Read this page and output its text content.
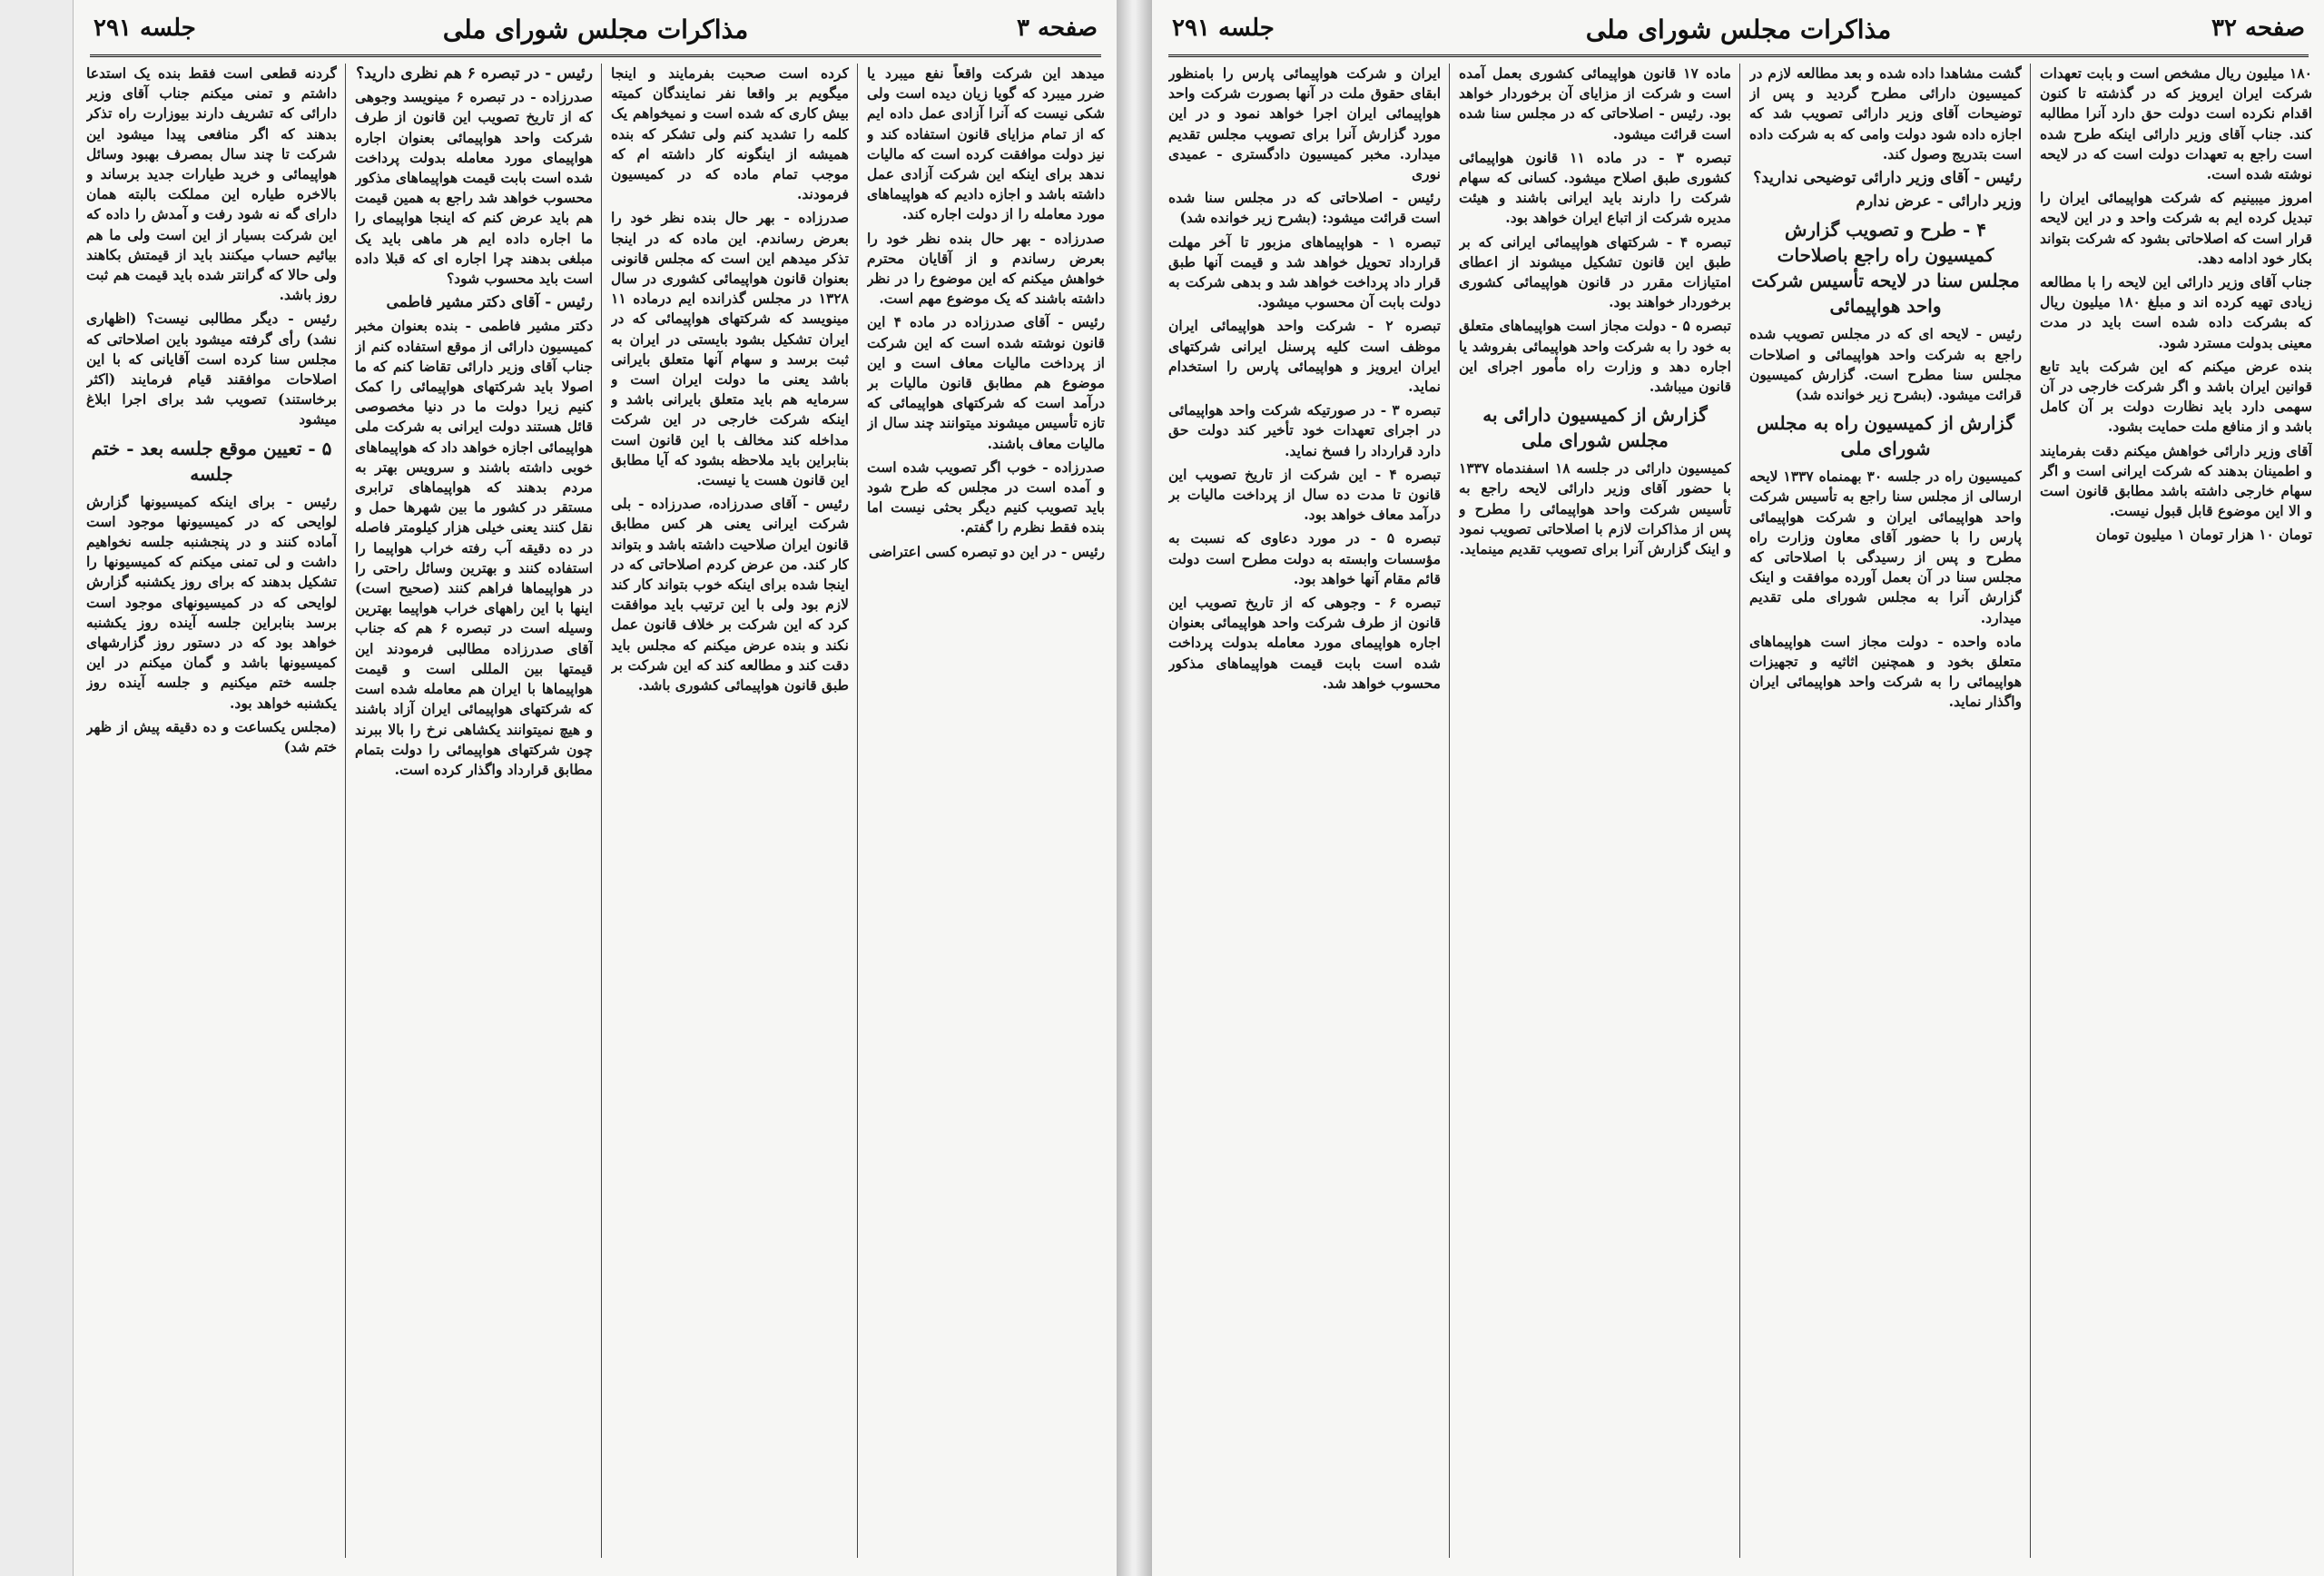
صفحه ۳
مذاکرات مجلس شورای ملی
جلسه ۲۹۱

میدهد این شرکت واقعاً نفع میبرد یا ضرر میبرد که گویا زیان دیده است ولی شکی نیست که آنرا آزادی عمل داده ایم که از تمام مزایای قانون استفاده کند و نیز دولت موافقت کرده است که مالیات ندهد برای اینکه این شرکت آزادی عمل داشته باشد و اجازه دادیم که هواپیماهای مورد معامله را از دولت اجاره کند.

صدرزاده - بهر حال بنده نظر خود را بعرض رساندم و از آقایان محترم خواهش میکنم که این موضوع را در نظر داشته باشند که یک موضوع مهم است.

رئیس - آقای صدرزاده در ماده ۴ این قانون نوشته شده است که این شرکت از پرداخت مالیات معاف است و این موضوع هم مطابق قانون مالیات بر درآمد است که شرکتهای هواپیمائی که تازه تأسیس میشوند میتوانند چند سال از مالیات معاف باشند.

صدرزاده - خوب اگر تصویب شده است و آمده است در مجلس که طرح شود باید تصویب کنیم دیگر بحثی نیست اما بنده فقط نظرم را گفتم.

رئیس - در این دو تبصره کسی اعتراضی

کرده است صحبت بفرمایند و اینجا میگویم بر واقعا نفر نمایندگان کمیته بیش کاری که شده است و نمیخواهم یک کلمه را تشدید کنم ولی تشکر که بنده همیشه از اینگونه کار داشته ام که موجب تمام ماده که در کمیسیون فرمودند.

صدرزاده - بهر حال بنده نظر خود را بعرض رساندم. این ماده که در اینجا تذکر میدهم این است که مجلس قانونی بعنوان قانون هواپیمائی کشوری در سال ۱۳۲۸ در مجلس گذرانده ایم درماده ۱۱ مینویسد که شرکتهای هواپیمائی که در ایران تشکیل بشود بایستی در ایران به ثبت برسد و سهام آنها متعلق بایرانی باشد یعنی ما دولت ایران است و سرمایه هم باید متعلق بایرانی باشد و اینکه شرکت خارجی در این شرکت مداخله کند مخالف با این قانون است بنابراین باید ملاحظه بشود که آیا مطابق این قانون هست یا نیست.

رئیس - آقای صدرزاده، صدرزاده - بلی شرکت ایرانی یعنی هر کس مطابق قانون ایران صلاحیت داشته باشد و بتواند کار کند. من عرض کردم اصلاحاتی که در اینجا شده برای اینکه خوب بتواند کار کند لازم بود ولی با این ترتیب باید موافقت کرد که این شرکت بر خلاف قانون عمل نکند و بنده عرض میکنم که مجلس باید دقت کند و مطالعه کند که این شرکت بر طبق قانون هواپیمائی کشوری باشد.

رئیس - در تبصره ۶ هم نظری دارید؟

صدرزاده - در تبصره ۶ مینویسد وجوهی که از تاریخ تصویب این قانون از طرف شرکت واحد هواپیمائی بعنوان اجاره هواپیمای مورد معامله بدولت پرداخت شده است بابت قیمت هواپیماهای مذکور محسوب خواهد شد راجع به همین قیمت هم باید عرض کنم که اینجا هواپیمای را ما اجاره داده ایم هر ماهی باید یک مبلغی بدهند چرا اجاره ای که قبلا داده است باید محسوب شود؟

رئیس - آقای دکتر مشیر فاطمی

دکتر مشیر فاطمی - بنده بعنوان مخبر کمیسیون دارائی از موقع استفاده کنم از جناب آقای وزیر دارائی تقاضا کنم که ما اصولا باید شرکتهای هواپیمائی را کمک کنیم زیرا دولت ما در دنیا مخصوصی قائل هستند دولت ایرانی به شرکت ملی هواپیمائی اجازه خواهد داد که هواپیماهای خوبی داشته باشند و سرویس بهتر به مردم بدهند که هواپیماهای ترابری مستقر در کشور ما بین شهرها حمل و نقل کنند یعنی خیلی هزار کیلومتر فاصله در ده دقیقه آب رفته خراب هواپیما را استفاده کنند و بهترین وسائل راحتی را در هواپیماها فراهم کنند (صحیح است) اینها با این راههای خراب هواپیما بهترین وسیله است در تبصره ۶ هم که جناب آقای صدرزاده مطالبی فرمودند این قیمتها بین المللی است و قیمت هواپیماها با ایران هم معامله شده است که شرکتهای هواپیمائی ایران آزاد باشند و هیچ نمیتوانند یکشاهی نرخ را بالا ببرند چون شرکتهای هواپیمائی را دولت بتمام مطابق قرارداد واگذار کرده است.

گردنه قطعی است فقط بنده یک استدعا داشتم و تمنی میکنم جناب آقای وزیر دارائی که تشریف دارند بیوزارت راه تذکر بدهند که اگر منافعی پیدا میشود این شرکت تا چند سال بمصرف بهبود وسائل هواپیمائی و خرید طیارات جدید برساند و بالاخره طیاره این مملکت بالبته همان دارای گه نه شود رفت و آمدش را داده که این شرکت بسیار از این است ولی ما هم بیائیم حساب میکنند باید از قیمتش بکاهند ولی حالا که گرانتر شده باید قیمت هم ثبت روز باشد.

رئیس - دیگر مطالبی نیست؟ (اظهاری نشد) رأی گرفته میشود باین اصلاحاتی که مجلس سنا کرده است آقایانی که با این اصلاحات موافقند قیام فرمایند (اکثر برخاستند) تصویب شد برای اجرا ابلاغ میشود

۵ - تعیین موقع جلسه بعد - ختم جلسه

رئیس - برای اینکه کمیسیونها گزارش لوایحی که در کمیسیونها موجود است آماده کنند و در پنجشنبه جلسه نخواهیم داشت و لی تمنی میکنم که کمیسیونها را تشکیل بدهند که برای روز یکشنبه گزارش لوایحی که در کمیسیونهای موجود است برسد بنابراین جلسه آینده روز یکشنبه خواهد بود که در دستور روز گزارشهای کمیسیونها باشد و گمان میکنم در این جلسه ختم میکنیم و جلسه آینده روز یکشنبه خواهد بود.

(مجلس یکساعت و ده دقیقه پیش از ظهر ختم شد)

صفحه ۳۲
مذاکرات مجلس شورای ملی
جلسه ۲۹۱

۱۸۰ میلیون ریال مشخص است و بابت تعهدات شرکت ایران ایرویز که در گذشته تا کنون اقدام نکرده است دولت حق دارد آنرا مطالبه کند. جناب آقای وزیر دارائی اینکه طرح شده است راجع به تعهدات دولت است که در لایحه نوشته شده است.

امروز میبینیم که شرکت هواپیمائی ایران را تبدیل کرده ایم به شرکت واحد و در این لایحه قرار است که اصلاحاتی بشود که شرکت بتواند بکار خود ادامه دهد.

جناب آقای وزیر دارائی این لایحه را با مطالعه زیادی تهیه کرده اند و مبلغ ۱۸۰ میلیون ریال که بشرکت داده شده است باید در مدت معینی بدولت مسترد شود.

بنده عرض میکنم که این شرکت باید تابع قوانین ایران باشد و اگر شرکت خارجی در آن سهمی دارد باید نظارت دولت بر آن کامل باشد و از منافع ملت حمایت بشود.

آقای وزیر دارائی خواهش میکنم دقت بفرمایند و اطمینان بدهند که شرکت ایرانی است و اگر سهام خارجی داشته باشد مطابق قانون است و الا این موضوع قابل قبول نیست.

تومان ۱۰ هزار تومان ۱ میلیون تومان

گشت مشاهدا داده شده و بعد مطالعه لازم در کمیسیون دارائی مطرح گردید و پس از توضیحات آقای وزیر دارائی تصویب شد که اجازه داده شود دولت وامی که به شرکت داده است بتدریج وصول کند.

رئیس - آقای وزیر دارائی توضیحی ندارید؟

وزیر دارائی - عرض ندارم

۴ - طرح و تصویب گزارش کمیسیون راه راجع باصلاحات مجلس سنا در لایحه تأسیس شرکت واحد هواپیمائی

رئیس - لایحه ای که در مجلس تصویب شده راجع به شرکت واحد هواپیمائی و اصلاحات مجلس سنا مطرح است. گزارش کمیسیون قرائت میشود. (بشرح زیر خوانده شد)

گزارش از کمیسیون راه به مجلس شورای ملی

کمیسیون راه در جلسه ۳۰ بهمنماه ۱۳۳۷ لایحه ارسالی از مجلس سنا راجع به تأسیس شرکت واحد هواپیمائی ایران و شرکت هواپیمائی پارس را با حضور آقای معاون وزارت راه مطرح و پس از رسیدگی با اصلاحاتی که مجلس سنا در آن بعمل آورده موافقت و اینک گزارش آنرا به مجلس شورای ملی تقدیم میدارد.

ماده واحده - دولت مجاز است هواپیماهای متعلق بخود و همچنین اثاثیه و تجهیزات هواپیمائی را به شرکت واحد هواپیمائی ایران واگذار نماید.

ماده ۱۷ قانون هواپیمائی کشوری بعمل آمده است و شرکت از مزایای آن برخوردار خواهد بود. رئیس - اصلاحاتی که در مجلس سنا شده است قرائت میشود.

تبصره ۳ - در ماده ۱۱ قانون هواپیمائی کشوری طبق اصلاح میشود. کسانی که سهام شرکت را دارند باید ایرانی باشند و هیئت مدیره شرکت از اتباع ایران خواهد بود.

تبصره ۴ - شرکتهای هواپیمائی ایرانی که بر طبق این قانون تشکیل میشوند از اعطای امتیازات مقرر در قانون هواپیمائی کشوری برخوردار خواهند بود.

تبصره ۵ - دولت مجاز است هواپیماهای متعلق به خود را به شرکت واحد هواپیمائی بفروشد یا اجاره دهد و وزارت راه مأمور اجرای این قانون میباشد.

گزارش از کمیسیون دارائی به مجلس شورای ملی

کمیسیون دارائی در جلسه ۱۸ اسفندماه ۱۳۳۷ با حضور آقای وزیر دارائی لایحه راجع به تأسیس شرکت واحد هواپیمائی را مطرح و پس از مذاکرات لازم با اصلاحاتی تصویب نمود و اینک گزارش آنرا برای تصویب تقدیم مینماید.

ایران و شرکت هواپیمائی پارس را بامنظور ابقای حقوق ملت در آنها بصورت شرکت واحد هواپیمائی ایران اجرا خواهد نمود و در این مورد گزارش آنرا برای تصویب مجلس تقدیم میدارد. مخبر کمیسیون دادگستری - عمیدی نوری

رئیس - اصلاحاتی که در مجلس سنا شده است قرائت میشود: (بشرح زیر خوانده شد)

تبصره ۱ - هواپیماهای مزبور تا آخر مهلت قرارداد تحویل خواهد شد و قیمت آنها طبق قرار داد پرداخت خواهد شد و بدهی شرکت به دولت بابت آن محسوب میشود.

تبصره ۲ - شرکت واحد هواپیمائی ایران موظف است کلیه پرسنل ایرانی شرکتهای ایران ایرویز و هواپیمائی پارس را استخدام نماید.

تبصره ۳ - در صورتیکه شرکت واحد هواپیمائی در اجرای تعهدات خود تأخیر کند دولت حق دارد قرارداد را فسخ نماید.

تبصره ۴ - این شرکت از تاریخ تصویب این قانون تا مدت ده سال از پرداخت مالیات بر درآمد معاف خواهد بود.

تبصره ۵ - در مورد دعاوی که نسبت به مؤسسات وابسته به دولت مطرح است دولت قائم مقام آنها خواهد بود.

تبصره ۶ - وجوهی که از تاریخ تصویب این قانون از طرف شرکت واحد هواپیمائی بعنوان اجاره هواپیمای مورد معامله بدولت پرداخت شده است بابت قیمت هواپیماهای مذکور محسوب خواهد شد.
